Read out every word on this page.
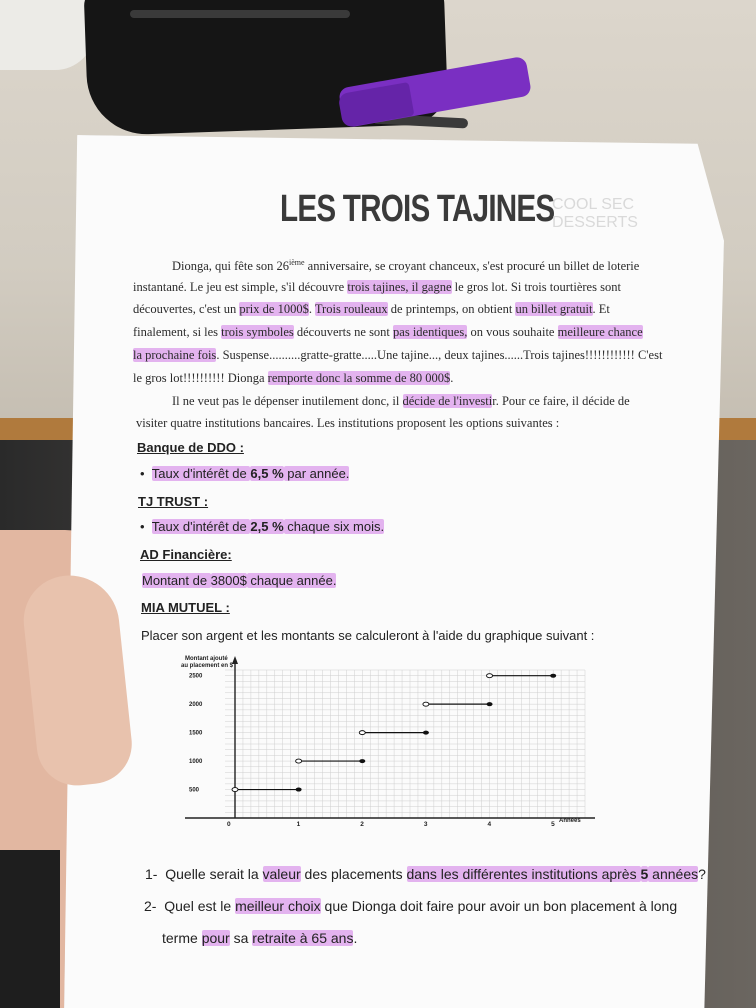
LES TROIS TAJINES
COOL SEC
DESSERTS
Dionga, qui fête son 26ième anniversaire, se croyant chanceux, s'est procuré un billet de loterie
instantané. Le jeu est simple, s'il découvre trois tajines, il gagne le gros lot. Si trois tourtières sont
découvertes, c'est un prix de 1000$. Trois rouleaux de printemps, on obtient un billet gratuit. Et
finalement, si les trois symboles découverts ne sont pas identiques, on vous souhaite meilleure chance
la prochaine fois. Suspense..........gratte-gratte.....Une tajine..., deux tajines......Trois tajines!!!!!!!!!!!! C'est
le gros lot!!!!!!!!!! Dionga remporte donc la somme de 80 000$.
Il ne veut pas le dépenser inutilement donc, il décide de l'investir. Pour ce faire, il décide de
visiter quatre institutions bancaires. Les institutions proposent les options suivantes :
Banque de DDO :
•  Taux d'intérêt de 6,5 % par année.
TJ TRUST :
•  Taux d'intérêt de 2,5 % chaque six mois.
AD Financière:
Montant de 3800$ chaque année.
MIA MUTUEL :
Placer son argent et les montants se calculeront à l'aide du graphique suivant :
0	1	2	3	4	5
500
1000
1500
2000
2500
Montant ajouté
au placement en $
Années
1- Quelle serait la valeur des placements dans les différentes institutions après 5 années?
2- Quel est le meilleur choix que Dionga doit faire pour avoir un bon placement à long
terme pour sa retraite à 65 ans.
